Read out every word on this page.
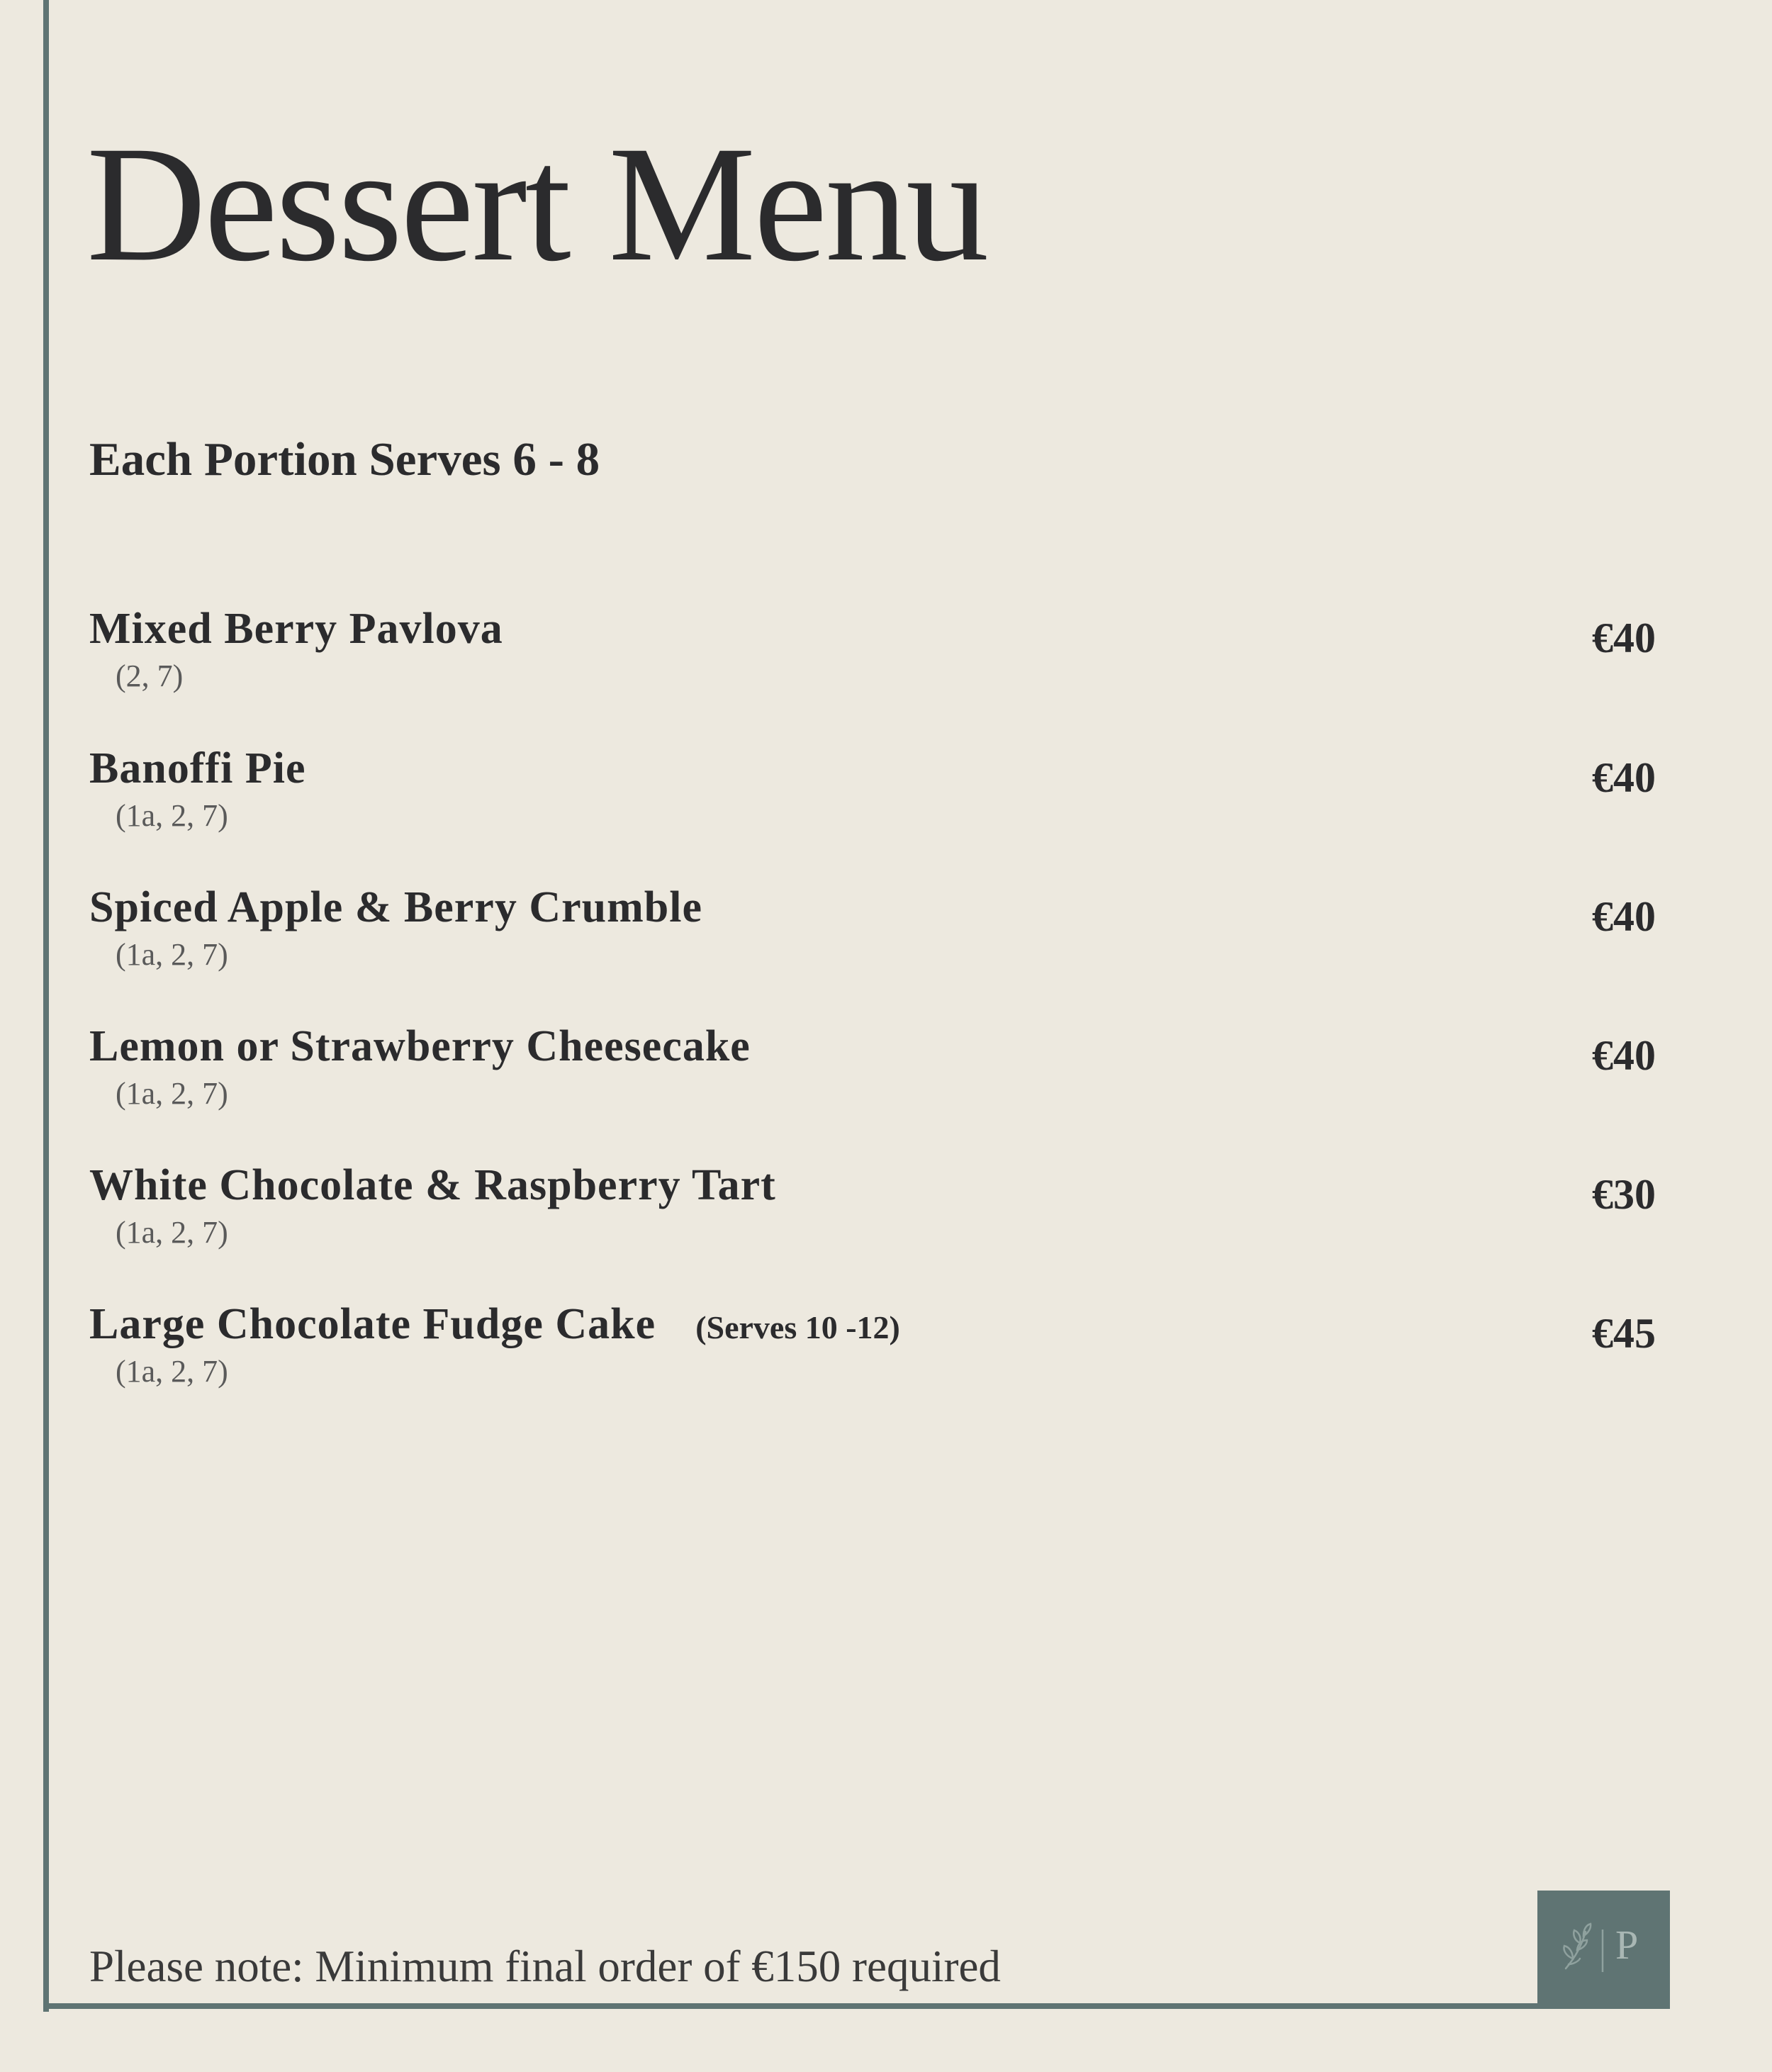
Dessert Menu
Each Portion Serves 6 - 8
Mixed Berry Pavlova
(2, 7)
€40
Banoffi Pie
(1a, 2, 7)
€40
Spiced Apple & Berry Crumble
(1a, 2, 7)
€40
Lemon or Strawberry Cheesecake
(1a, 2, 7)
€40
White Chocolate & Raspberry Tart
(1a, 2, 7)
€30
Large Chocolate Fudge Cake (Serves 10 -12)
(1a, 2, 7)
€45
Please note: Minimum final order of €150 required	P
